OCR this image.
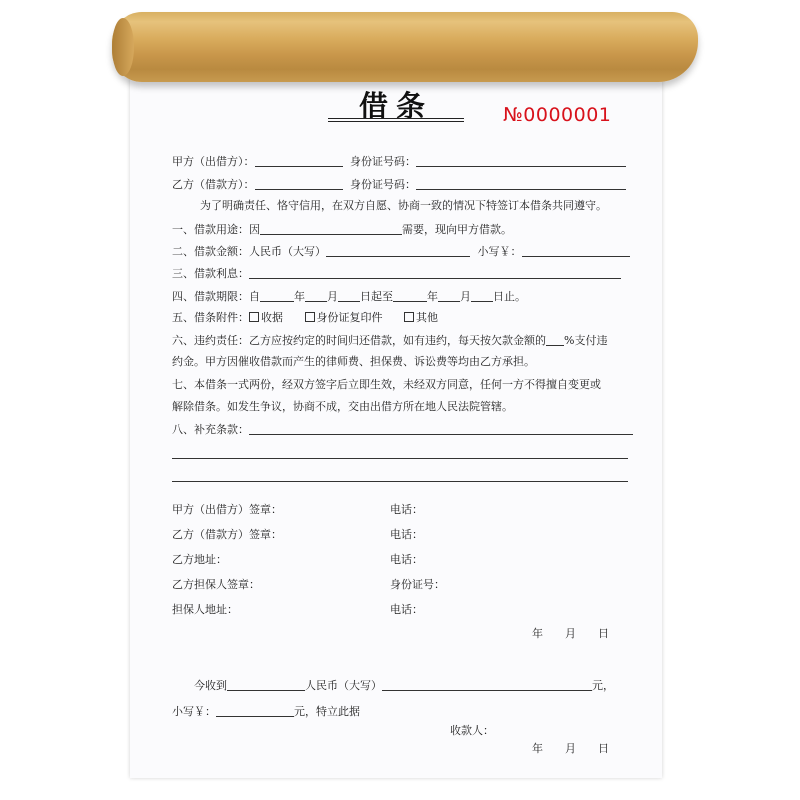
借条	№0000001
甲方（出借方）：	身份证号码：
乙方（借款方）：	身份证号码：
为了明确责任、恪守信用，在双方自愿、协商一致的情况下特签订本借条共同遵守。
一、借款用途：因	需要，现向甲方借款。
二、借款金额：人民币（大写）	小写￥：
三、借款利息：
四、借款期限：自	年 月 日起至	年 月 日止。
五、借条附件： 收据	身份证复印件	其他
六、违约责任：乙方应按约定的时间归还借款，如有违约，每天按欠款金额的 %支付违
约金。甲方因催收借款而产生的律师费、担保费、诉讼费等均由乙方承担。
七、本借条一式两份，经双方签字后立即生效，未经双方同意，任何一方不得擅自变更或
解除借条。如发生争议，协商不成，交由出借方所在地人民法院管辖。
八、补充条款：
甲方（出借方）签章：	电话：
乙方（借款方）签章：	电话：
乙方地址：	电话：
乙方担保人签章：	身份证号：
担保人地址：	电话：
年 月 日
今收到	人民币（大写）	元，
小写￥：	元，特立此据
收款人：
年 月 日
